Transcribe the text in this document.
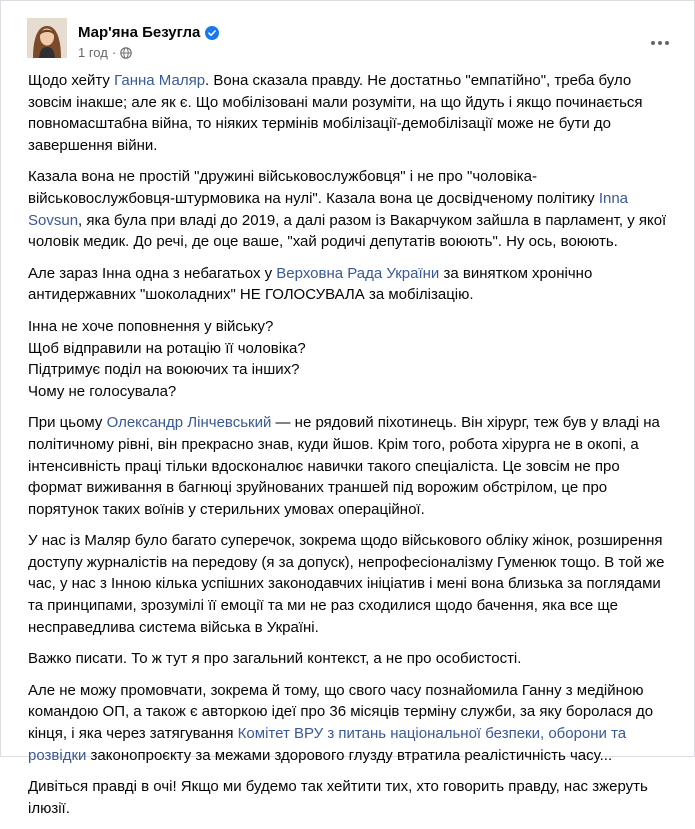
Мар'яна Безугла
1 год ·

Щодо хейту Ганна Маляр. Вона сказала правду. Не достатньо "емпатійно", треба було зовсім інакше; але як є. Що мобілізовані мали розуміти, на що йдуть і якщо починається повномасштабна війна, то ніяких термінів мобілізації-демобілізації може не бути до завершення війни.

Казала вона не простій "дружині військовослужбовця" і не про "чоловіка-військовослужбовця-штурмовика на нулі". Казала вона це досвідченому політику Inna Sovsun, яка була при владі до 2019, а далі разом із Вакарчуком зайшла в парламент, у якої чоловік медик. До речі, де оце ваше, "хай родичі депутатів воюють". Ну ось, воюють.

Але зараз Інна одна з небагатьох у Верховна Рада України за винятком хронічно антидержавних "шоколадних" НЕ ГОЛОСУВАЛА за мобілізацію.

Інна не хоче поповнення у війську?
Щоб відправили на ротацію її чоловіка?
Підтримує поділ на воюючих та інших?
Чому не голосувала?

При цьому Олександр Лінчевський — не рядовий піхотинець. Він хірург, теж був у владі на політичному рівні, він прекрасно знав, куди йшов. Крім того, робота хірурга не в окопі, а інтенсивність праці тільки вдосконалює навички такого спеціаліста. Це зовсім не про формат виживання в багнюці зруйнованих траншей під ворожим обстрілом, це про порятунок таких воїнів у стерильних умовах операційної.

У нас із Маляр було багато суперечок, зокрема щодо військового обліку жінок, розширення доступу журналістів на передову (я за допуск), непрофесіоналізму Гуменюк тощо. В той же час, у нас з Інною кілька успішних законодавчих ініціатив і мені вона близька за поглядами та принципами, зрозумілі її емоції та ми не раз сходилися щодо бачення, яка все ще несправедлива система війська в Україні.

Важко писати. То ж тут я про загальний контекст, а не про особистості.

Але не можу промовчати, зокрема й тому, що свого часу познайомила Ганну з медійною командою ОП, а також є авторкою ідеї про 36 місяців терміну служби, за яку боролася до кінця, і яка через затягування Комітет ВРУ з питань національної безпеки, оборони та розвідки законопроєкту за межами здорового глузду втратила реалістичність часу...

Дивіться правді в очі! Якщо ми будемо так хейтити тих, хто говорить правду, нас зжеруть ілюзії.
